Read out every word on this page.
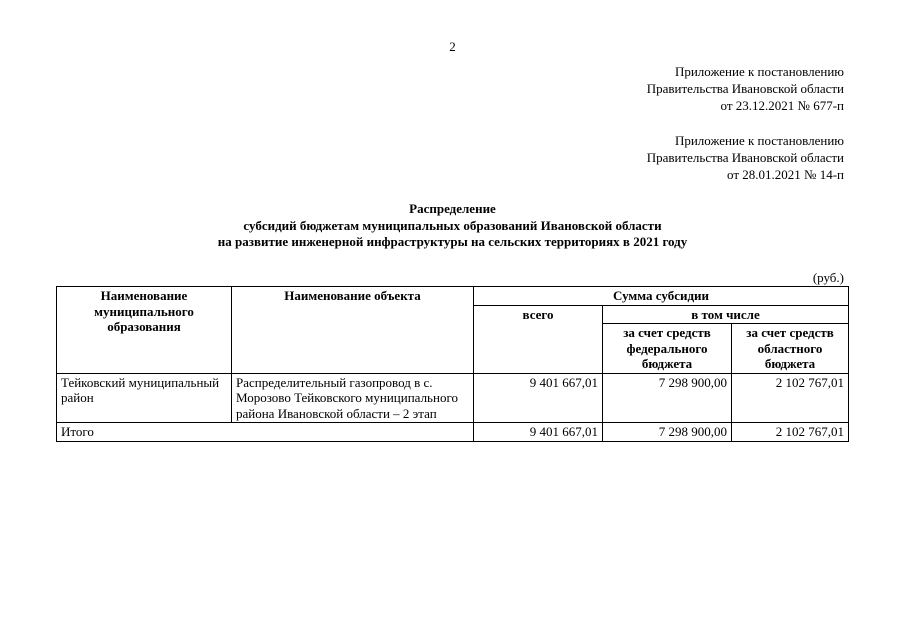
2
Приложение к постановлению
Правительства Ивановской области
от 23.12.2021 № 677-п
Приложение к постановлению
Правительства Ивановской области
от 28.01.2021 № 14-п
Распределение
субсидий бюджетам муниципальных образований Ивановской области
на развитие инженерной инфраструктуры на сельских территориях в 2021 году
(руб.)
Наименование муниципального образования	Наименование объекта	Сумма субсидии		
		всего	в том числе	
			за счет средств федерального бюджета	за счет средств областного бюджета
Тейковский муниципальный район	Распределительный газопровод в с. Морозово Тейковского муниципального района Ивановской области – 2 этап	9 401 667,01	7 298 900,00	2 102 767,01
Итого		9 401 667,01	7 298 900,00	2 102 767,01
